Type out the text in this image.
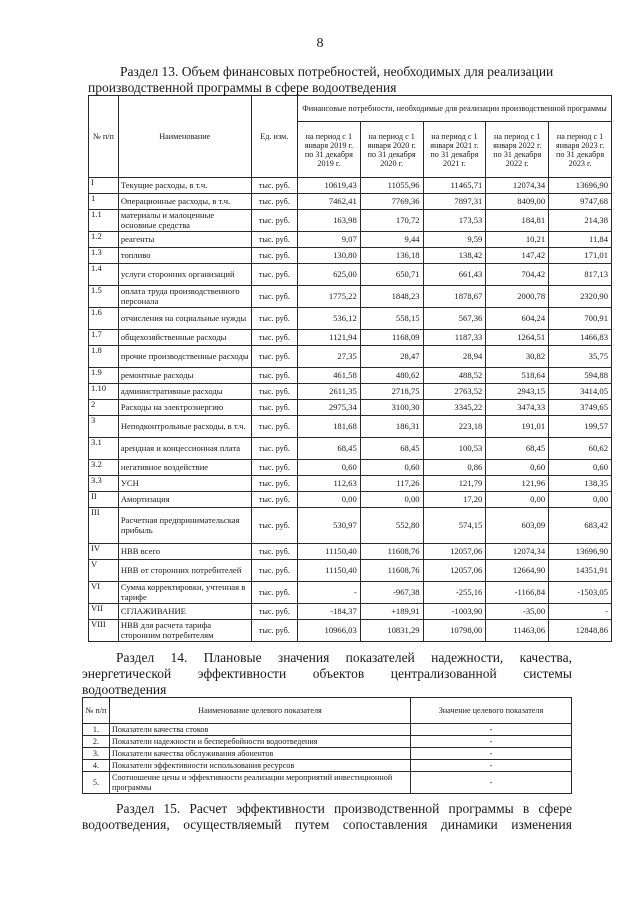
8
Раздел 13. Объем финансовых потребностей, необходимых для реализации
производственной программы в сфере водоотведения
№ п/п	Наименование	Ед. изм.	Финансовые потребности, необходимые для реализации производственной программы				
			на период с 1 января 2019 г. по 31 декабря 2019 г.	на период с 1 января 2020 г. по 31 декабря 2020 г.	на период с 1 января 2021 г. по 31 декабря 2021 г.	на период с 1 января 2022 г. по 31 декабря 2022 г.	на период с 1 января 2023 г. по 31 декабря 2023 г.
I	Текущие расходы, в т.ч.	тыс. руб.	10619,43	11055,96	11465,71	12074,34	13696,90
1	Операционные расходы, в т.ч.	тыс. руб.	7462,41	7769,36	7897,31	8409,00	9747,68
1.1	материалы и малоценные основные средства	тыс. руб.	163,98	170,72	173,53	184,81	214,38
1.2	реагенты	тыс. руб.	9,07	9,44	9,59	10,21	11,84
1.3	топливо	тыс. руб.	130,80	136,18	138,42	147,42	171,01
1.4	услуги сторонних организаций	тыс. руб.	625,00	650,71	661,43	704,42	817,13
1.5	оплата труда производственного персонала	тыс. руб.	1775,22	1848,23	1878,67	2000,78	2320,90
1.6	отчисления на социальные нужды	тыс. руб.	536,12	558,15	567,36	604,24	700,91
1.7	общехозяйственные расходы	тыс. руб.	1121,94	1168,09	1187,33	1264,51	1466,83
1.8	прочие производственные расходы	тыс. руб.	27,35	28,47	28,94	30,82	35,75
1.9	ремонтные расходы	тыс. руб.	461,58	480,62	488,52	518,64	594,88
1.10	административные расходы	тыс. руб.	2611,35	2718,75	2763,52	2943,15	3414,05
2	Расходы на электроэнергию	тыс. руб.	2975,34	3100,30	3345,22	3474,33	3749,65
3	Неподконтрольные расходы, в т.ч.	тыс. руб.	181,68	186,31	223,18	191,01	199,57
3.1	арендная и концессионная плата	тыс. руб.	68,45	68,45	100,53	68,45	60,62
3.2	негативное воздействие	тыс. руб.	0,60	0,60	0,86	0,60	0,60
3.3	УСН	тыс. руб.	112,63	117,26	121,79	121,96	138,35
II	Амортизация	тыс. руб.	0,00	0,00	17,20	0,00	0,00
III	Расчетная предпринимательская прибыль	тыс. руб.	530,97	552,80	574,15	603,09	683,42
IV	НВВ всего	тыс. руб.	11150,40	11608,76	12057,06	12074,34	13696,90
V	НВВ от сторонних потребителей	тыс. руб.	11150,40	11608,76	12057,06	12664,90	14351,91
VI	Сумма корректировки, учтенная в тарифе	тыс. руб.	-	-967,38	-255,16	-1166,84	-1503,05
VII	СГЛАЖИВАНИЕ	тыс. руб.	-184,37	+189,91	-1003,90	-35,00	-
VIII	НВВ для расчета тарифа сторонним потребителям	тыс. руб.	10966,03	10831,29	10798,00	11463,06	12848,86
Раздел 14. Плановые значения показателей надежности, качества,
энергетической эффективности объектов централизованной системы
водоотведения
№ п/п	Наименование целевого показателя	Значение целевого показателя
1.	Показатели качества стоков	-
2.	Показатели надежности и бесперебойности водоотведения	-
3.	Показатели качества обслуживания абонентов	-
4.	Показатели эффективности использования ресурсов	-
5.	Соотношение цены и эффективности реализации мероприятий инвестиционной программы	-
Раздел 15. Расчет эффективности производственной программы в сфере
водоотведения, осуществляемый путем сопоставления динамики изменения
